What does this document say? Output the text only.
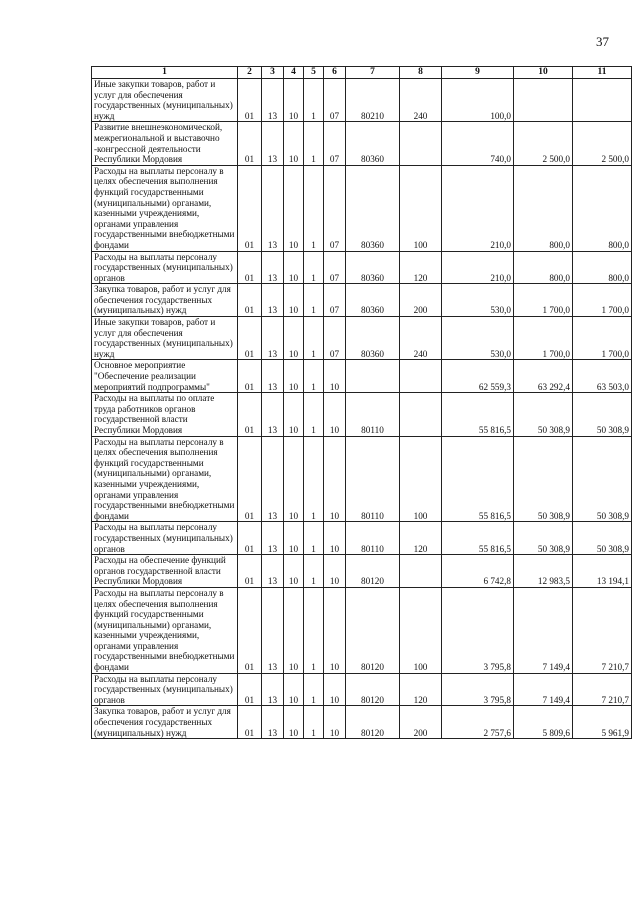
37
1	2	3	4	5	6	7	8	9	10	11
Иные закупки товаров, работ и услуг для обеспечения государственных (муниципальных) нужд	01	13	10	1	07	80210	240	100,0		
Развитие внешнеэкономической, межрегиональной и выставочно -конгрессной деятельности Республики Мордовия	01	13	10	1	07	80360		740,0	2 500,0	2 500,0
Расходы на выплаты персоналу в целях обеспечения выполнения функций государственными (муниципальными) органами, казенными учреждениями, органами управления государственными внебюджетными фондами	01	13	10	1	07	80360	100	210,0	800,0	800,0
Расходы на выплаты персоналу государственных (муниципальных) органов	01	13	10	1	07	80360	120	210,0	800,0	800,0
Закупка товаров, работ и услуг для обеспечения государственных (муниципальных) нужд	01	13	10	1	07	80360	200	530,0	1 700,0	1 700,0
Иные закупки товаров, работ и услуг для обеспечения государственных (муниципальных) нужд	01	13	10	1	07	80360	240	530,0	1 700,0	1 700,0
Основное мероприятие "Обеспечение реализации мероприятий подпрограммы"	01	13	10	1	10			62 559,3	63 292,4	63 503,0
Расходы на выплаты по оплате труда работников органов государственной власти Республики Мордовия	01	13	10	1	10	80110		55 816,5	50 308,9	50 308,9
Расходы на выплаты персоналу в целях обеспечения выполнения функций государственными (муниципальными) органами, казенными учреждениями, органами управления государственными внебюджетными фондами	01	13	10	1	10	80110	100	55 816,5	50 308,9	50 308,9
Расходы на выплаты персоналу государственных (муниципальных) органов	01	13	10	1	10	80110	120	55 816,5	50 308,9	50 308,9
Расходы на обеспечение функций органов государственной власти Республики Мордовия	01	13	10	1	10	80120		6 742,8	12 983,5	13 194,1
Расходы на выплаты персоналу в целях обеспечения выполнения функций государственными (муниципальными) органами, казенными учреждениями, органами управления государственными внебюджетными фондами	01	13	10	1	10	80120	100	3 795,8	7 149,4	7 210,7
Расходы на выплаты персоналу государственных (муниципальных) органов	01	13	10	1	10	80120	120	3 795,8	7 149,4	7 210,7
Закупка товаров, работ и услуг для обеспечения государственных (муниципальных) нужд	01	13	10	1	10	80120	200	2 757,6	5 809,6	5 961,9
